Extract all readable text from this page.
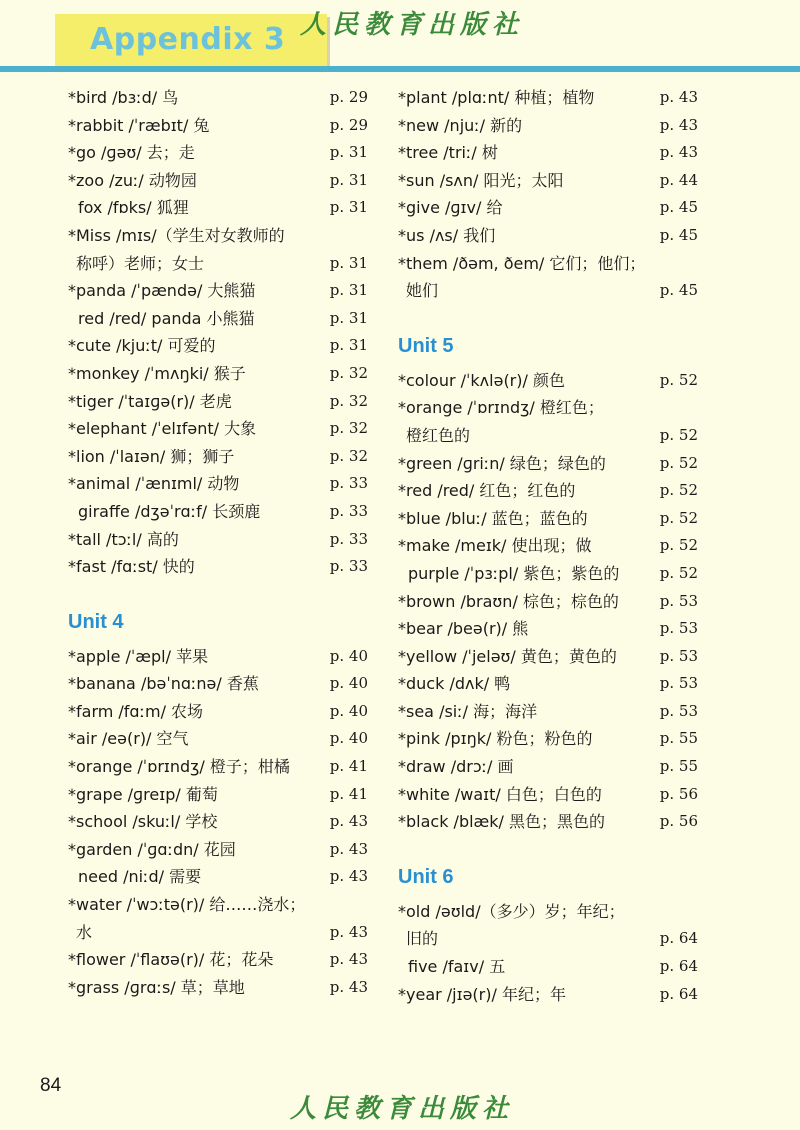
Appendix 3 人民教育出版社
*bird /bɜːd/ 鸟	p. 29
*rabbit /ˈræbɪt/ 兔	p. 29
*go /ɡəʊ/ 去；走	p. 31
*zoo /zuː/ 动物园	p. 31
fox /fɒks/ 狐狸	p. 31
*Miss /mɪs/（学生对女教师的
称呼）老师；女士	p. 31
*panda /ˈpændə/ 大熊猫	p. 31
red /red/ panda 小熊猫	p. 31
*cute /kjuːt/ 可爱的	p. 31
*monkey /ˈmʌŋki/ 猴子	p. 32
*tiger /ˈtaɪɡə(r)/ 老虎	p. 32
*elephant /ˈelɪfənt/ 大象	p. 32
*lion /ˈlaɪən/ 狮；狮子	p. 32
*animal /ˈænɪml/ 动物	p. 33
giraffe /dʒəˈrɑːf/ 长颈鹿	p. 33
*tall /tɔːl/ 高的	p. 33
*fast /fɑːst/ 快的	p. 33
Unit 4
*apple /ˈæpl/ 苹果	p. 40
*banana /bəˈnɑːnə/ 香蕉	p. 40
*farm /fɑːm/ 农场	p. 40
*air /eə(r)/ 空气	p. 40
*orange /ˈɒrɪndʒ/ 橙子；柑橘	p. 41
*grape /ɡreɪp/ 葡萄	p. 41
*school /skuːl/ 学校	p. 43
*garden /ˈɡɑːdn/ 花园	p. 43
need /niːd/ 需要	p. 43
*water /ˈwɔːtə(r)/ 给……浇水；
水	p. 43
*flower /ˈflaʊə(r)/ 花；花朵	p. 43
*grass /ɡrɑːs/ 草；草地	p. 43
*plant /plɑːnt/ 种植；植物	p. 43
*new /njuː/ 新的	p. 43
*tree /triː/ 树	p. 43
*sun /sʌn/ 阳光；太阳	p. 44
*give /ɡɪv/ 给	p. 45
*us /ʌs/ 我们	p. 45
*them /ðəm, ðem/ 它们；他们；
她们	p. 45
Unit 5
*colour /ˈkʌlə(r)/ 颜色	p. 52
*orange /ˈɒrɪndʒ/ 橙红色；
橙红色的	p. 52
*green /ɡriːn/ 绿色；绿色的	p. 52
*red /red/ 红色；红色的	p. 52
*blue /bluː/ 蓝色；蓝色的	p. 52
*make /meɪk/ 使出现；做	p. 52
purple /ˈpɜːpl/ 紫色；紫色的	p. 52
*brown /braʊn/ 棕色；棕色的	p. 53
*bear /beə(r)/ 熊	p. 53
*yellow /ˈjeləʊ/ 黄色；黄色的	p. 53
*duck /dʌk/ 鸭	p. 53
*sea /siː/ 海；海洋	p. 53
*pink /pɪŋk/ 粉色；粉色的	p. 55
*draw /drɔː/ 画	p. 55
*white /waɪt/ 白色；白色的	p. 56
*black /blæk/ 黑色；黑色的	p. 56
Unit 6
*old /əʊld/（多少）岁；年纪；
旧的	p. 64
five /faɪv/ 五	p. 64
*year /jɪə(r)/ 年纪；年	p. 64
84
人民教育出版社
